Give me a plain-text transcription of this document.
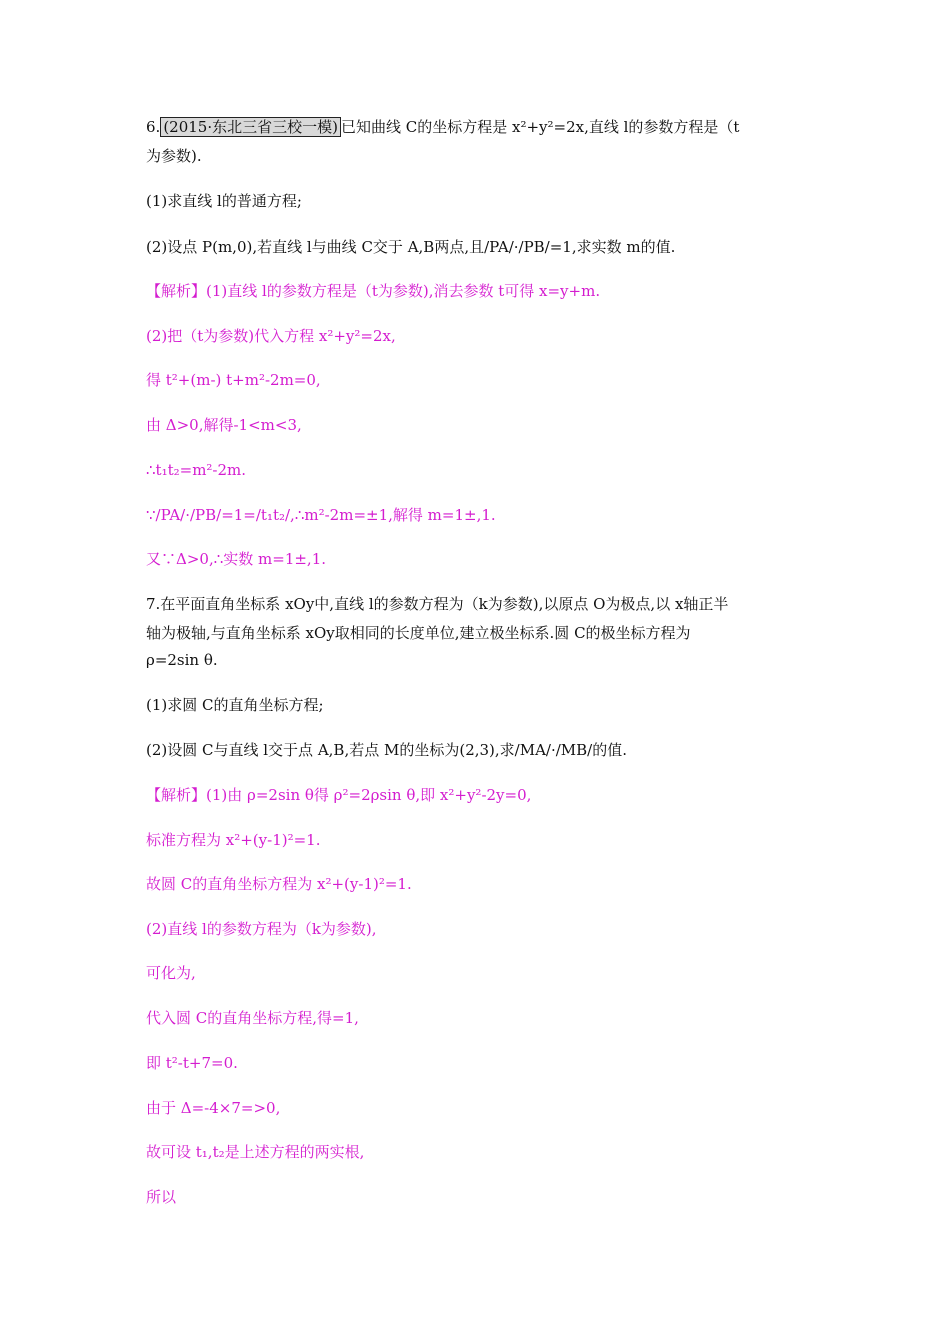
6. (2015·东北三省三校一模) 已知曲线 C的坐标方程是 x²+y²=2x,直线 l的参数方程是（t
为参数).
(1)求直线 l的普通方程;
(2)设点 P(m,0),若直线 l与曲线 C交于 A,B两点,且/PA/·/PB/=1,求实数 m的值.
【解析】(1)直线 l的参数方程是（t为参数),消去参数 t可得 x=y+m.
(2)把（t为参数)代入方程 x²+y²=2x,
得 t²+(m-) t+m²-2m=0,
由 Δ>0,解得-1<m<3,
∴t₁t₂=m²-2m.
∵/PA/·/PB/=1=/t₁t₂/,∴m²-2m=±1,解得 m=1±,1.
又∵Δ>0,∴实数 m=1±,1.
7.在平面直角坐标系 xOy中,直线 l的参数方程为（k为参数),以原点 O为极点,以 x轴正半
轴为极轴,与直角坐标系 xOy取相同的长度单位,建立极坐标系.圆 C的极坐标方程为
ρ=2sin θ.
(1)求圆 C的直角坐标方程;
(2)设圆 C与直线 l交于点 A,B,若点 M的坐标为(2,3),求/MA/·/MB/的值.
【解析】(1)由 ρ=2sin θ得 ρ²=2ρsin θ,即 x²+y²-2y=0,
标准方程为 x²+(y-1)²=1.
故圆 C的直角坐标方程为 x²+(y-1)²=1.
(2)直线 l的参数方程为（k为参数),
可化为,
代入圆 C的直角坐标方程,得=1,
即 t²-t+7=0.
由于 Δ=-4×7=>0,
故可设 t₁,t₂是上述方程的两实根,
所以
